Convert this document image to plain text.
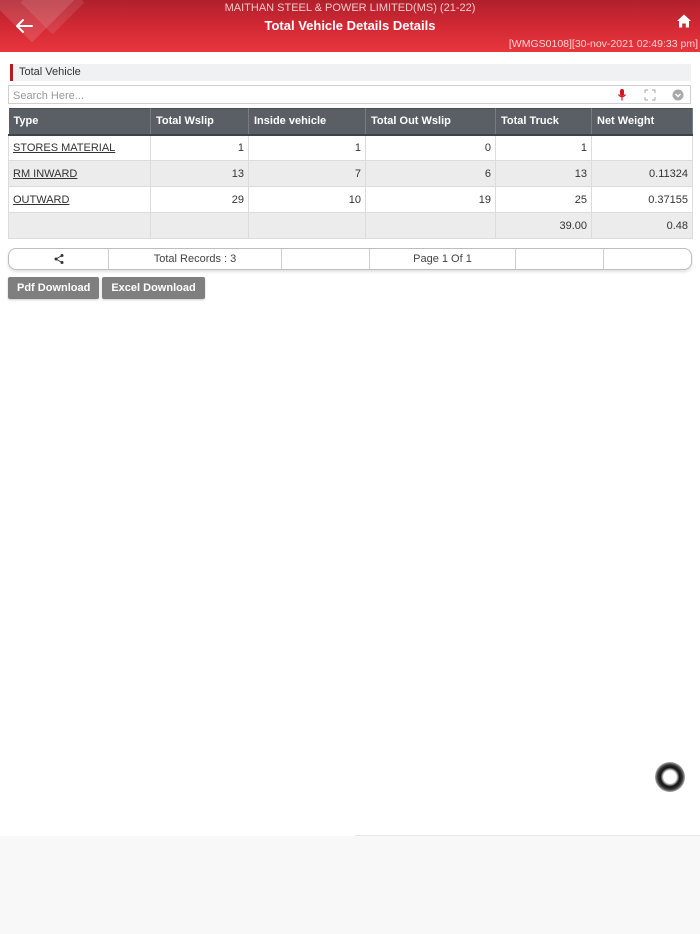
MAITHAN STEEL & POWER LIMITED(MS) (21-22)
Total Vehicle Details Details
[WMGS0108][30-nov-2021 02:49:33 pm]
Total Vehicle
Search Here...
Type	Total Wslip	Inside vehicle	Total Out Wslip	Total Truck	Net Weight
STORES MATERIAL	1	1	0	1	
RM INWARD	13	7	6	13	0.11324
OUTWARD	29	10	19	25	0.37155
				39.00	0.48
Total Records : 3	Page 1 Of 1
Pdf Download	Excel Download
